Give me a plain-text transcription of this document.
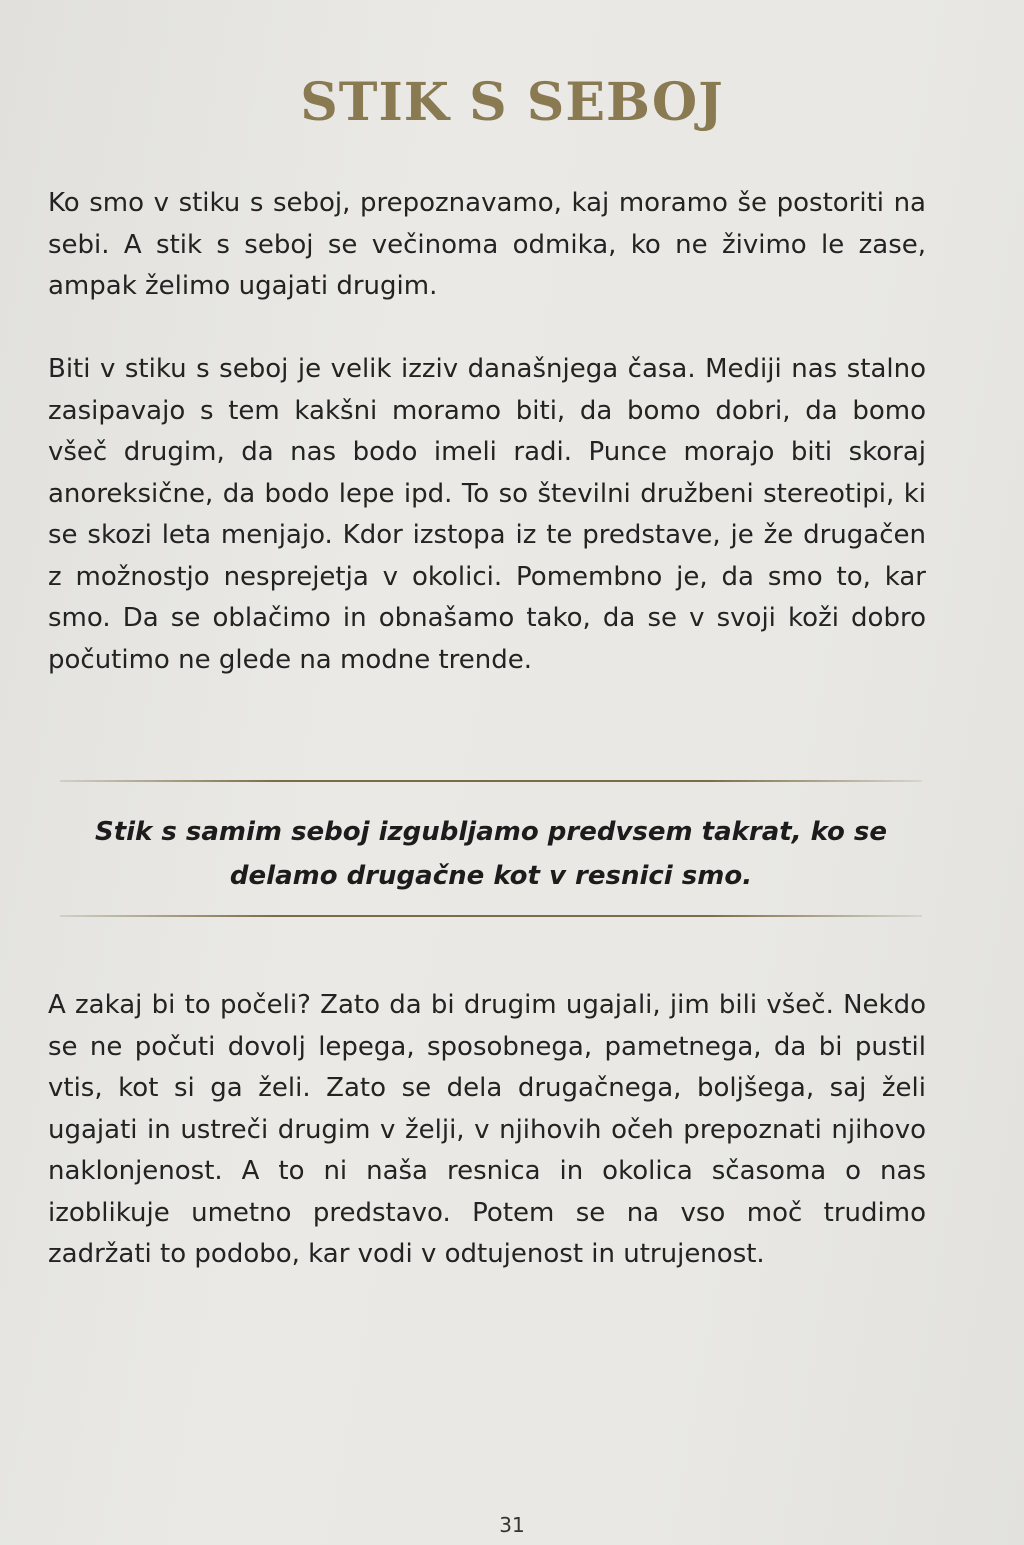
STIK S SEBOJ

Ko smo v stiku s seboj, prepoznavamo, kaj moramo še postoriti na sebi. A stik s seboj se večinoma odmika, ko ne živimo le zase, ampak želimo ugajati drugim.

Biti v stiku s seboj je velik izziv današnjega časa. Mediji nas stalno zasipavajo s tem kakšni moramo biti, da bomo dobri, da bomo všeč drugim, da nas bodo imeli radi. Punce morajo biti skoraj anoreksične, da bodo lepe ipd. To so številni družbeni stereotipi, ki se skozi leta menjajo. Kdor izstopa iz te predstave, je že drugačen z možnostjo nesprejetja v okolici. Pomembno je, da smo to, kar smo. Da se oblačimo in obnašamo tako, da se v svoji koži dobro počutimo ne glede na modne trende.

Stik s samim seboj izgubljamo predvsem takrat, ko se
delamo drugačne kot v resnici smo.

A zakaj bi to počeli? Zato da bi drugim ugajali, jim bili všeč. Nekdo se ne počuti dovolj lepega, sposobnega, pametnega, da bi pustil vtis, kot si ga želi. Zato se dela drugačnega, boljšega, saj želi ugajati in ustreči drugim v želji, v njihovih očeh prepoznati njihovo naklonjenost. A to ni naša resnica in okolica sčasoma o nas izoblikuje umetno predstavo. Potem se na vso moč trudimo zadržati to podobo, kar vodi v odtujenost in utrujenost.

31
